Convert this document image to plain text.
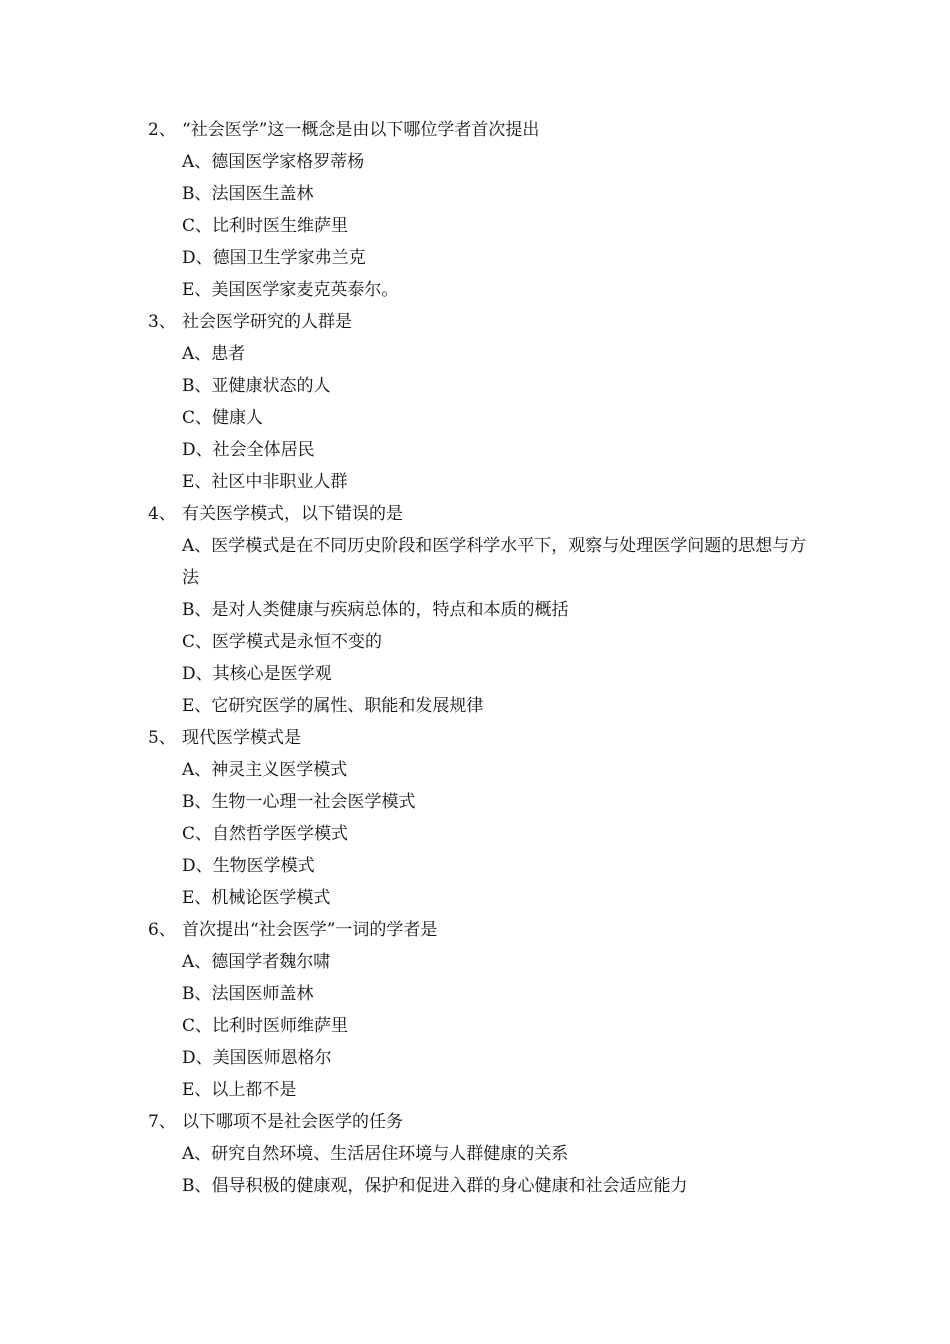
2、 “社会医学”这一概念是由以下哪位学者首次提出

A、德国医学家格罗蒂杨

B、法国医生盖林

C、比利时医生维萨里

D、德国卫生学家弗兰克

E、美国医学家麦克英泰尔。

3、 社会医学研究的人群是

A、患者

B、亚健康状态的人

C、健康人

D、社会全体居民

E、社区中非职业人群

4、 有关医学模式，以下错误的是

A、医学模式是在不同历史阶段和医学科学水平下，观察与处理医学问题的思想与方法

B、是对人类健康与疾病总体的，特点和本质的概括

C、医学模式是永恒不变的

D、其核心是医学观

E、它研究医学的属性、职能和发展规律

5、 现代医学模式是

A、神灵主义医学模式

B、生物一心理一社会医学模式

C、自然哲学医学模式

D、生物医学模式

E、机械论医学模式

6、 首次提出“社会医学”一词的学者是

A、德国学者魏尔啸

B、法国医师盖林

C、比利时医师维萨里

D、美国医师恩格尔

E、以上都不是

7、 以下哪项不是社会医学的任务

A、研究自然环境、生活居住环境与人群健康的关系

B、倡导积极的健康观，保护和促进入群的身心健康和社会适应能力
